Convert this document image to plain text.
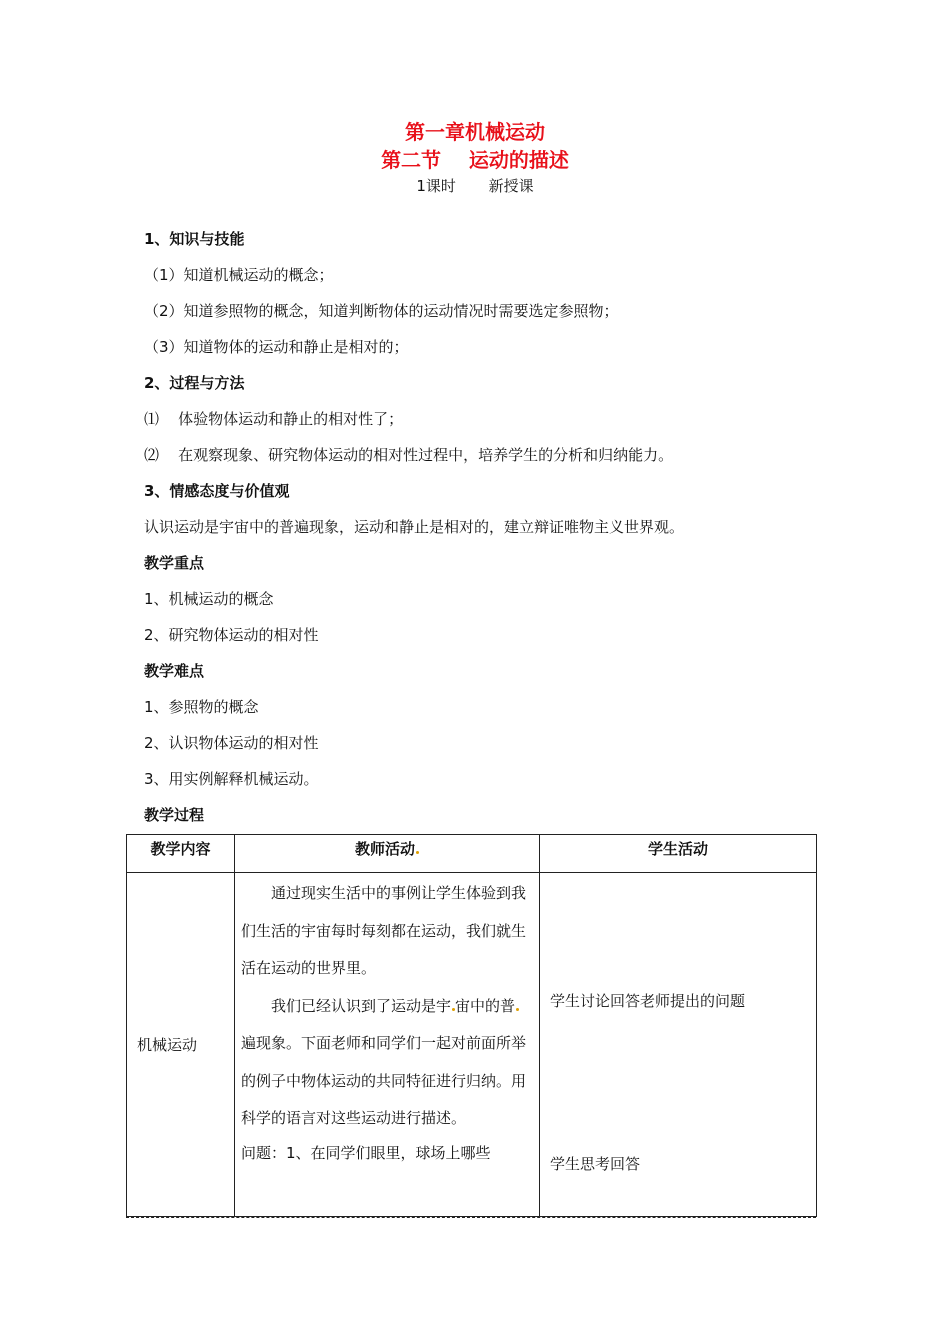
第一章机械运动
第二节    运动的描述
1课时 新授课
1、知识与技能
（1）知道机械运动的概念；
（2）知道参照物的概念，知道判断物体的运动情况时需要选定参照物；
（3）知道物体的运动和静止是相对的；
2、过程与方法
⑴    体验物体运动和静止的相对性了；
⑵    在观察现象、研究物体运动的相对性过程中，培养学生的分析和归纳能力。
3、情感态度与价值观
认识运动是宇宙中的普遍现象，运动和静止是相对的，建立辩证唯物主义世界观。
教学重点
1、机械运动的概念
2、研究物体运动的相对性
教学难点
1、参照物的概念
2、认识物体运动的相对性
3、用实例解释机械运动。
教学过程
教学内容	教师活动	学生活动
机械运动	通过现实生活中的事例让学生体验到我们生活的宇宙每时每刻都在运动，我们就生活在运动的世界里。
我们已经认识到了运动是宇 宙中的普遍现象。下面老师和同学们一起对前面所举的例子中物体运动的共同特征进行归纳。用科学的语言对这些运动进行描述。
问题：1、在同学们眼里，球场上哪些	学生讨论回答老师提出的问题
学生思考回答
